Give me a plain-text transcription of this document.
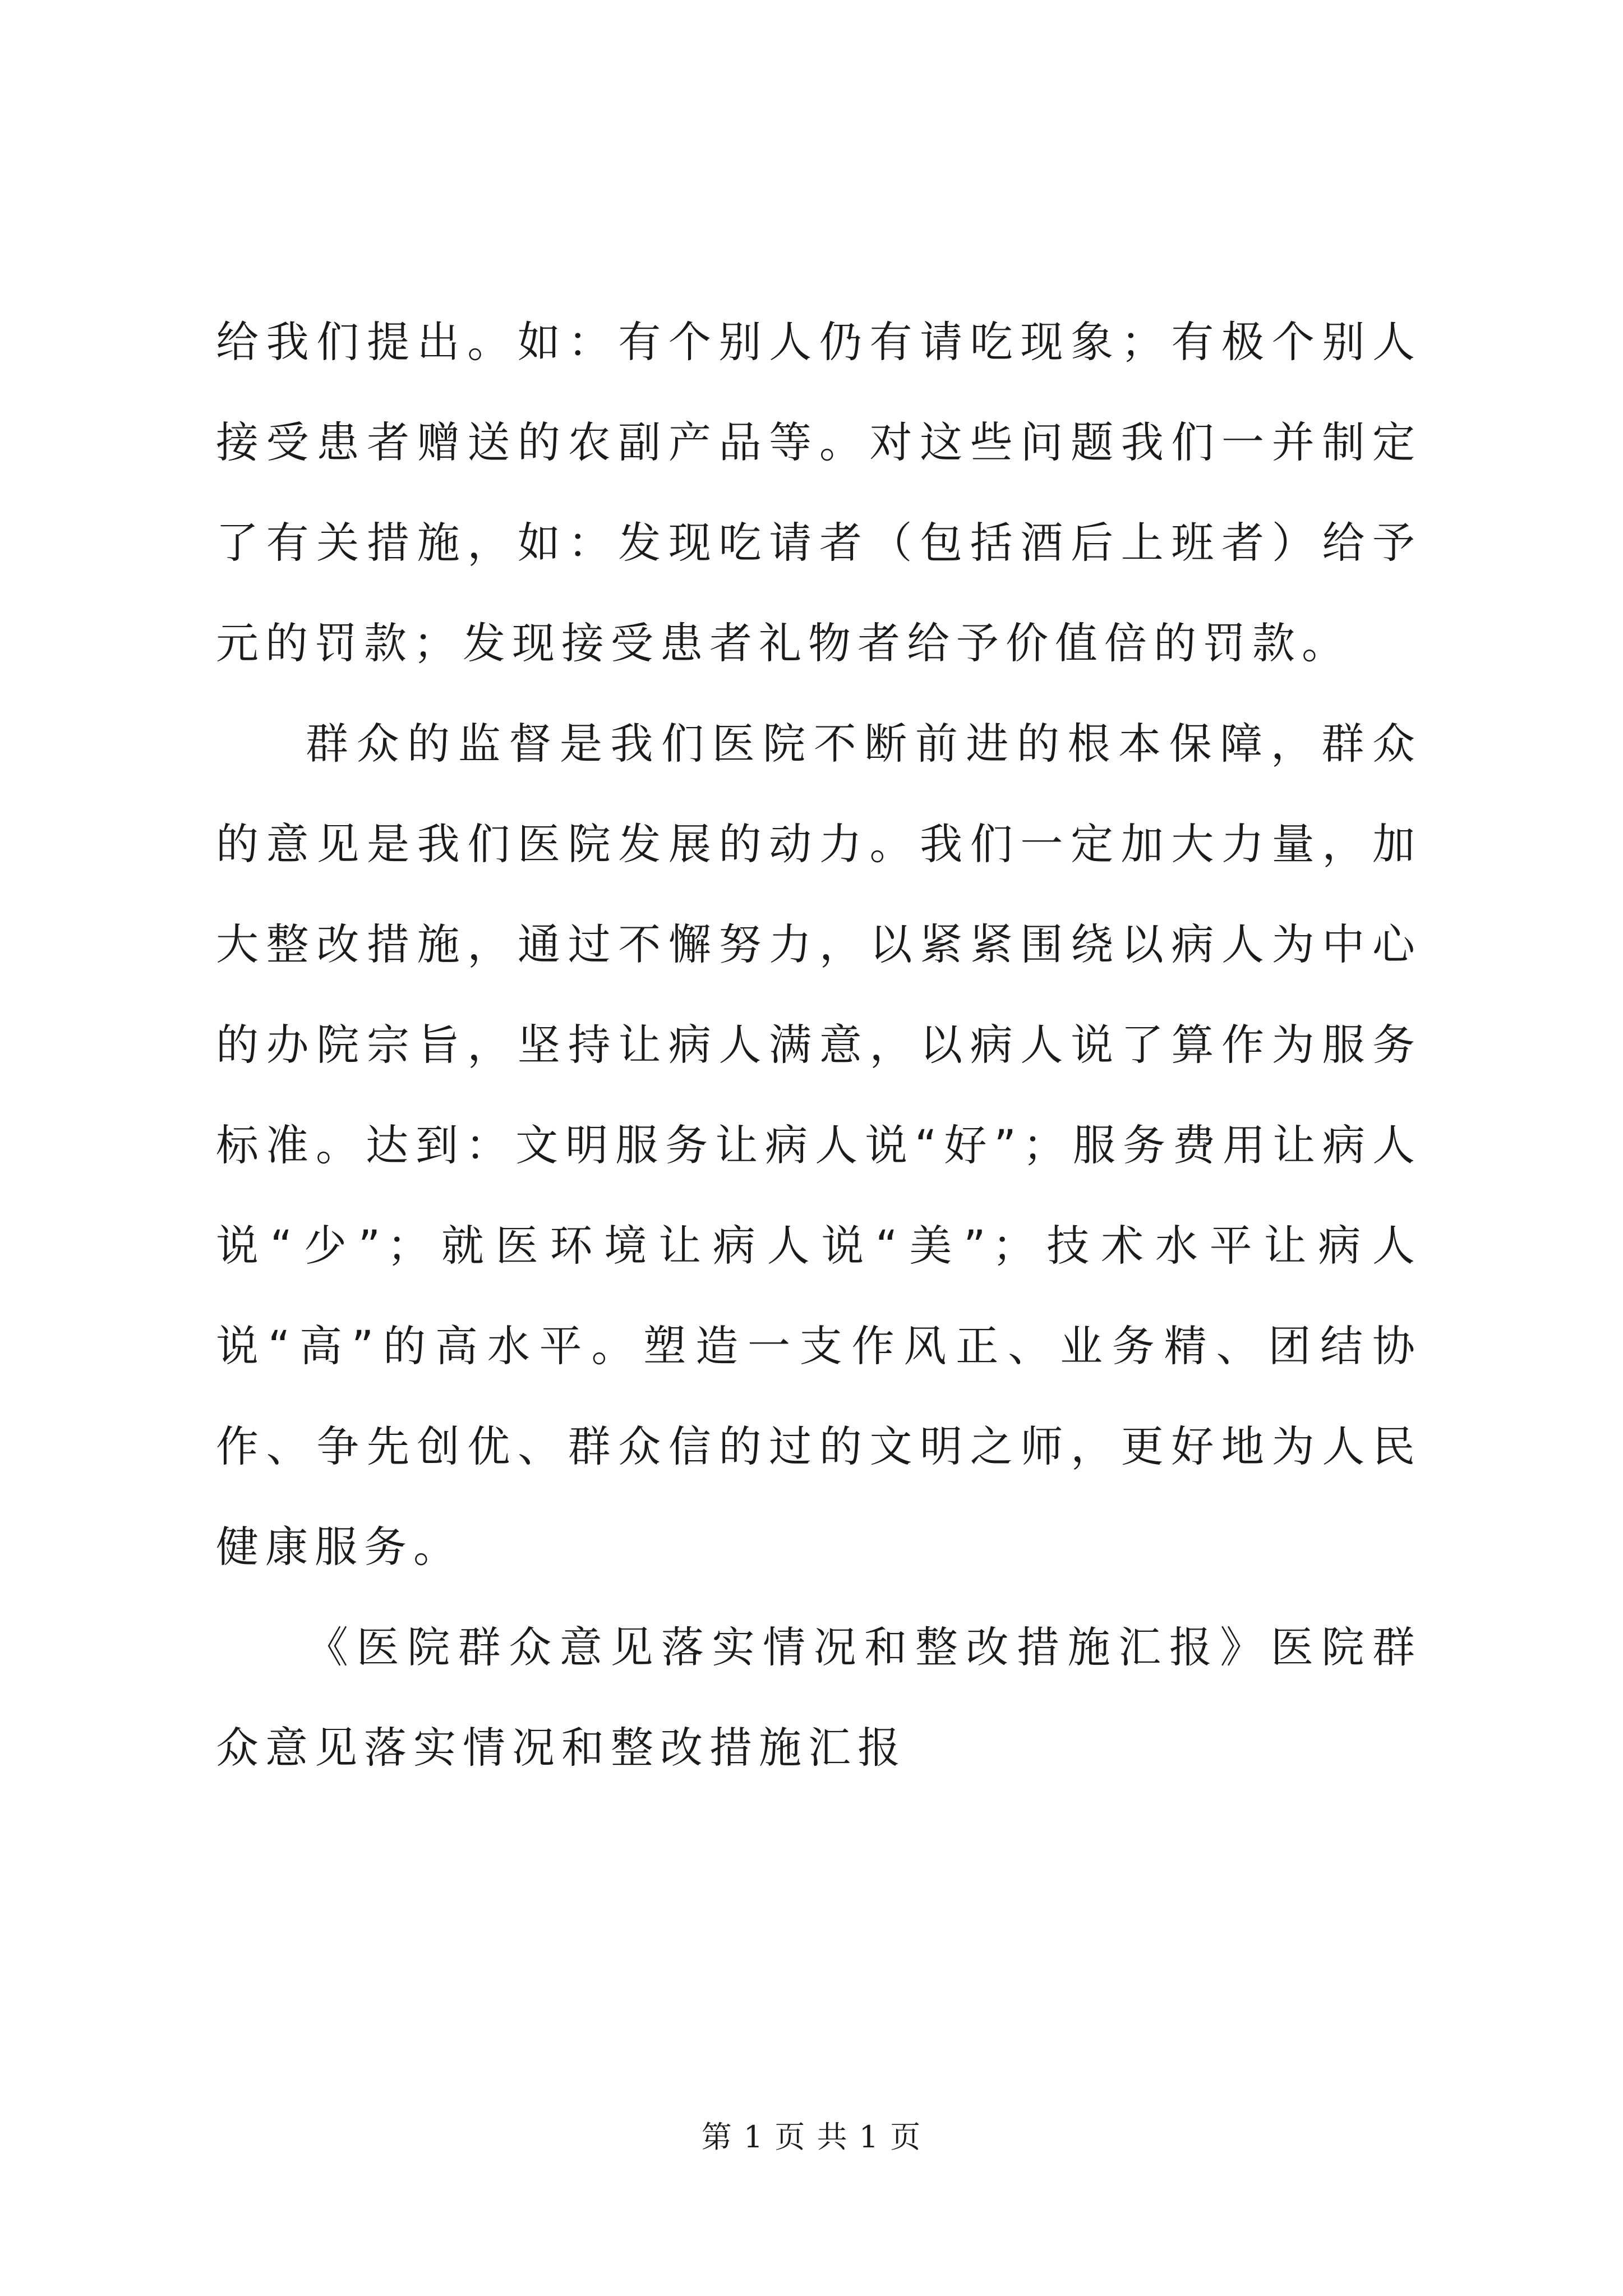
给我们提出。如：有个别人仍有请吃现象；有极个别人接受患者赠送的农副产品等。对这些问题我们一并制定了有关措施，如：发现吃请者（包括酒后上班者）给予元的罚款；发现接受患者礼物者给予价值倍的罚款。

群众的监督是我们医院不断前进的根本保障，群众的意见是我们医院发展的动力。我们一定加大力量，加大整改措施，通过不懈努力，以紧紧围绕以病人为中心的办院宗旨，坚持让病人满意，以病人说了算作为服务标准。达到：文明服务让病人说“好”；服务费用让病人说“少”；就医环境让病人说“美”；技术水平让病人说“高”的高水平。塑造一支作风正、业务精、团结协作、争先创优、群众信的过的文明之师，更好地为人民健康服务。

《医院群众意见落实情况和整改措施汇报》医院群众意见落实情况和整改措施汇报

第 1 页 共 1 页
